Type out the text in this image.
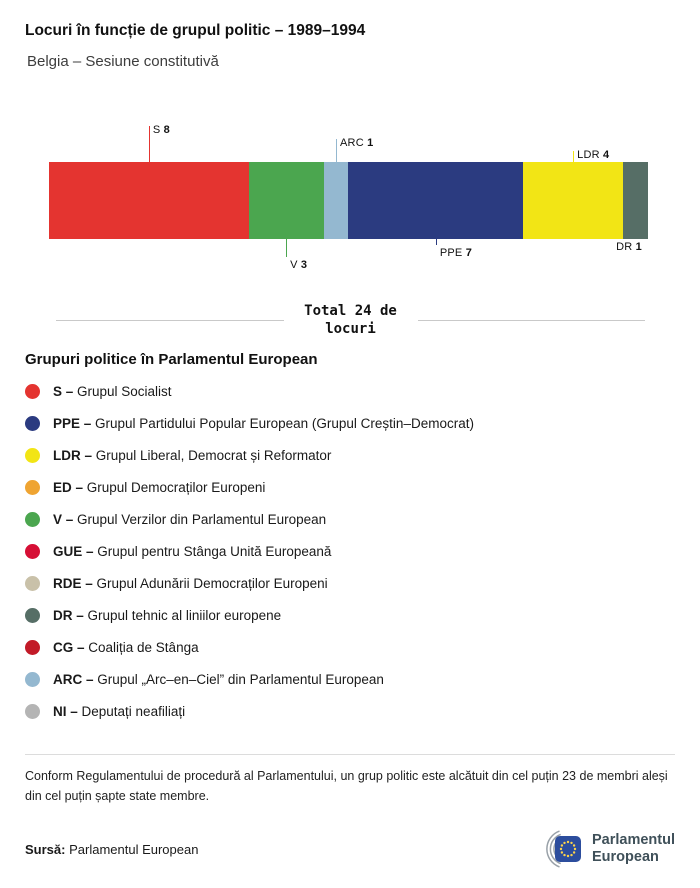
Locuri în funcție de grupul politic – 1989–1994
Belgia – Sesiune constitutivă
S 8
V 3
ARC 1
PPE 7
LDR 4
DR 1
Total 24 de locuri
Grupuri politice în Parlamentul European
S – Grupul Socialist
PPE – Grupul Partidului Popular European (Grupul Creștin–Democrat)
LDR – Grupul Liberal, Democrat și Reformator
ED – Grupul Democraților Europeni
V – Grupul Verzilor din Parlamentul European
GUE – Grupul pentru Stânga Unită Europeană
RDE – Grupul Adunării Democraților Europeni
DR – Grupul tehnic al liniilor europene
CG – Coaliția de Stânga
ARC – Grupul „Arc–en–Ciel” din Parlamentul European
NI – Deputați neafiliați

Conform Regulamentului de procedură al Parlamentului, un grup politic este alcătuit din cel puțin 23 de membri aleși din cel puțin șapte state membre.

Sursă: Parlamentul European
Parlamentul
European
